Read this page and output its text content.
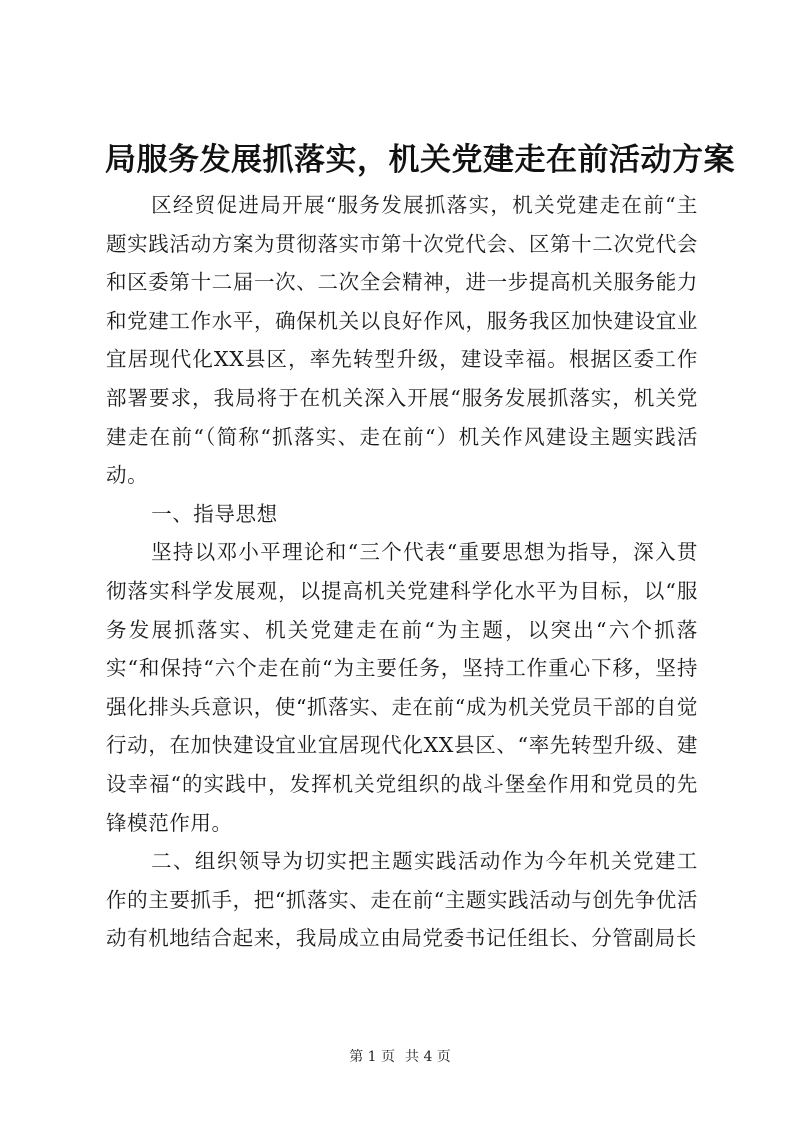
局服务发展抓落实，机关党建走在前活动方案

区经贸促进局开展“服务发展抓落实，机关党建走在前“主题实践活动方案为贯彻落实市第十次党代会、区第十二次党代会和区委第十二届一次、二次全会精神，进一步提高机关服务能力和党建工作水平，确保机关以良好作风，服务我区加快建设宜业宜居现代化XX县区，率先转型升级，建设幸福。根据区委工作部署要求，我局将于在机关深入开展“服务发展抓落实，机关党建走在前“（简称“抓落实、走在前“）机关作风建设主题实践活动。

一、指导思想

坚持以邓小平理论和“三个代表“重要思想为指导，深入贯彻落实科学发展观，以提高机关党建科学化水平为目标，以“服务发展抓落实、机关党建走在前“为主题，以突出“六个抓落实“和保持“六个走在前“为主要任务，坚持工作重心下移，坚持强化排头兵意识，使“抓落实、走在前“成为机关党员干部的自觉行动，在加快建设宜业宜居现代化XX县区、“率先转型升级、建设幸福“的实践中，发挥机关党组织的战斗堡垒作用和党员的先锋模范作用。

二、组织领导为切实把主题实践活动作为今年机关党建工作的主要抓手，把“抓落实、走在前“主题实践活动与创先争优活动有机地结合起来，我局成立由局党委书记任组长、分管副局长

第 1 页 共 4 页
